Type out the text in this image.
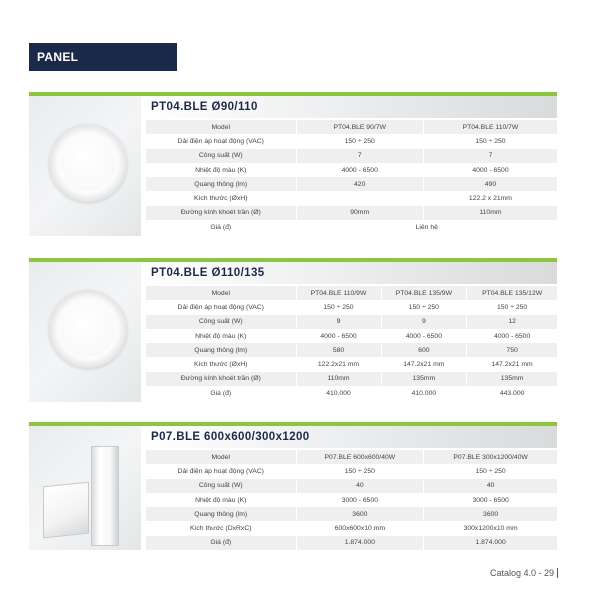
PANEL
PT04.BLE Ø90/110
Model	PT04.BLE 90/7W	PT04.BLE 110/7W
Dải điện áp hoạt động (VAC)	150 ÷ 250	150 ÷ 250
Công suất (W)	7	7
Nhiệt độ màu (K)	4000 - 6500	4000 - 6500
Quang thông (lm)	420	490
Kích thước (ØxH)		122.2 x 21mm
Đường kính khoét trần (Ø)	90mm	110mm
Giá (đ)	Liên hệ	
PT04.BLE Ø110/135
Model	PT04.BLE 110/9W	PT04.BLE 135/9W	PT04.BLE 135/12W
Dải điện áp hoạt động (VAC)	150 ÷ 250	150 ÷ 250	150 ÷ 250
Công suất (W)	9	9	12
Nhiệt độ màu (K)	4000 - 6500	4000 - 6500	4000 - 6500
Quang thông (lm)	580	600	750
Kích thước (ØxH)	122.2x21 mm	147.2x21 mm	147.2x21 mm
Đường kính khoét trần (Ø)	110mm	135mm	135mm
Giá (đ)	410.000	410.000	443.000
P07.BLE 600x600/300x1200
Model	P07.BLE 600x600/40W	P07.BLE 300x1200/40W
Dải điện áp hoạt động (VAC)	150 ÷ 250	150 ÷ 250
Công suất (W)	40	40
Nhiệt độ màu (K)	3000 - 6500	3000 - 6500
Quang thông (lm)	3600	3600
Kích thước (DxRxC)	600x600x10 mm	300x1200x10 mm
Giá (đ)	1.874.000	1.874.000
Catalog 4.0 - 29
